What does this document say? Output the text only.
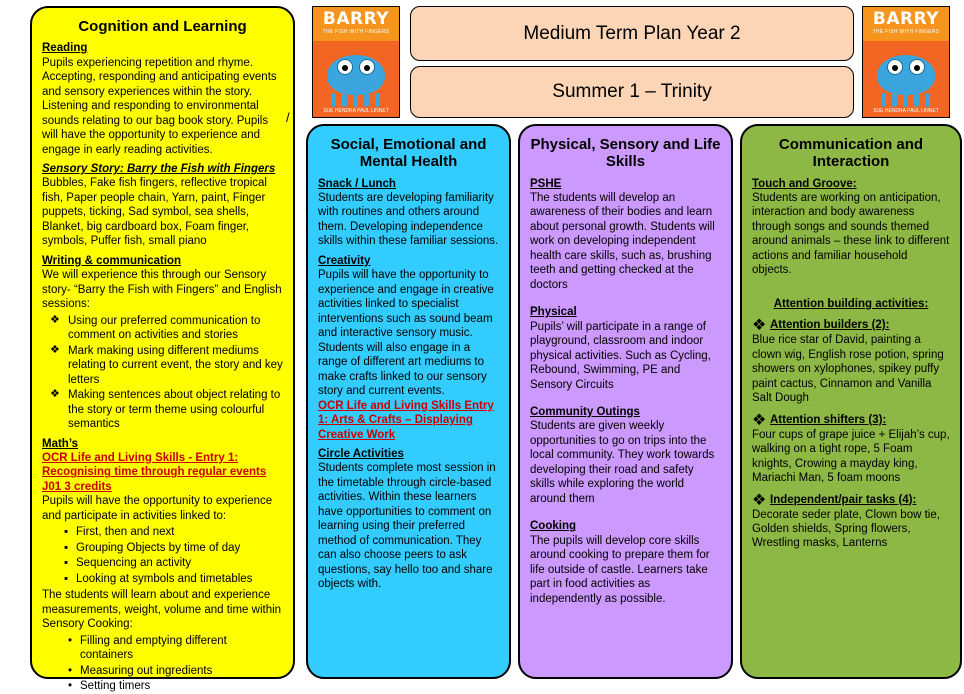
Cognition and Learning
Reading

Pupils experiencing repetition and rhyme. Accepting, responding and anticipating events and sensory experiences within the story. Listening and responding to environmental sounds relating to our bag book story. Pupils will have the opportunity to experience and engage in early reading activities.

Sensory Story: Barry the Fish with Fingers

Bubbles, Fake fish fingers, reflective tropical fish, Paper people chain, Yarn, paint, Finger puppets, ticking, Sad symbol, sea shells, Blanket, big cardboard box, Foam finger, symbols, Puffer fish, small piano

Writing & communication

We will experience this through our Sensory story- “Barry the Fish with Fingers” and English sessions:

❖ Using our preferred communication to comment on activities and stories
❖ Mark making using different mediums relating to current event, the story and key letters
❖ Making sentences about object relating to the story or term theme using colourful semantics
Math’s

OCR Life and Living Skills - Entry 1: Recognising time through regular events J01 3 credits

Pupils will have the opportunity to experience and participate in activities linked to:

▪ First, then and next
▪ Grouping Objects by time of day
▪ Sequencing an activity
▪ Looking at symbols and timetables

The students will learn about and experience measurements, weight, volume and time within Sensory Cooking:

• Filling and emptying different containers
• Measuring out ingredients
• Setting timers
/
BARRY
THE FISH WITH FINGERS
SUE HENDRA PAUL LINNET
BARRY
THE FISH WITH FINGERS
SUE HENDRA PAUL LINNET
Medium Term Plan Year 2
Summer 1 – Trinity
Social, Emotional and Mental Health
Snack / Lunch

Students are developing familiarity with routines and others around them. Developing independence skills within these familiar sessions.

Creativity

Pupils will have the opportunity to experience and engage in creative activities linked to specialist interventions such as sound beam and interactive sensory music. Students will also engage in a range of different art mediums to make crafts linked to our sensory story and current events.

OCR Life and Living Skills Entry 1: Arts & Crafts – Displaying Creative Work

Circle Activities

Students complete most session in the timetable through circle-based activities. Within these learners have opportunities to comment on learning using their preferred method of communication. They can also choose peers to ask questions, say hello too and share objects with.

Physical, Sensory and Life Skills
PSHE

The students will develop an awareness of their bodies and learn about personal growth. Students will work on developing independent health care skills, such as, brushing teeth and getting checked at the doctors

Physical

Pupils’ will participate in a range of playground, classroom and indoor physical activities. Such as Cycling, Rebound, Swimming, PE and Sensory Circuits

Community Outings

Students are given weekly opportunities to go on trips into the local community. They work towards developing their road and safety skills while exploring the world around them

Cooking

The pupils will develop core skills around cooking to prepare them for life outside of castle. Learners take part in food activities as independently as possible.

Communication and Interaction
Touch and Groove:

Students are working on anticipation, interaction and body awareness through songs and sounds themed around animals – these link to different actions and familiar household objects.

Attention building activities:
❖ Attention builders (2):

Blue rice star of David, painting a clown wig, English rose potion, spring showers on xylophones, spikey puffy paint cactus, Cinnamon and Vanilla Salt Dough

❖ Attention shifters (3):

Four cups of grape juice + Elijah’s cup, walking on a tight rope, 5 Foam knights, Crowing a mayday king, Mariachi Man, 5 foam moons

❖ Independent/pair tasks (4):

Decorate seder plate, Clown bow tie, Golden shields, Spring flowers, Wrestling masks, Lanterns
